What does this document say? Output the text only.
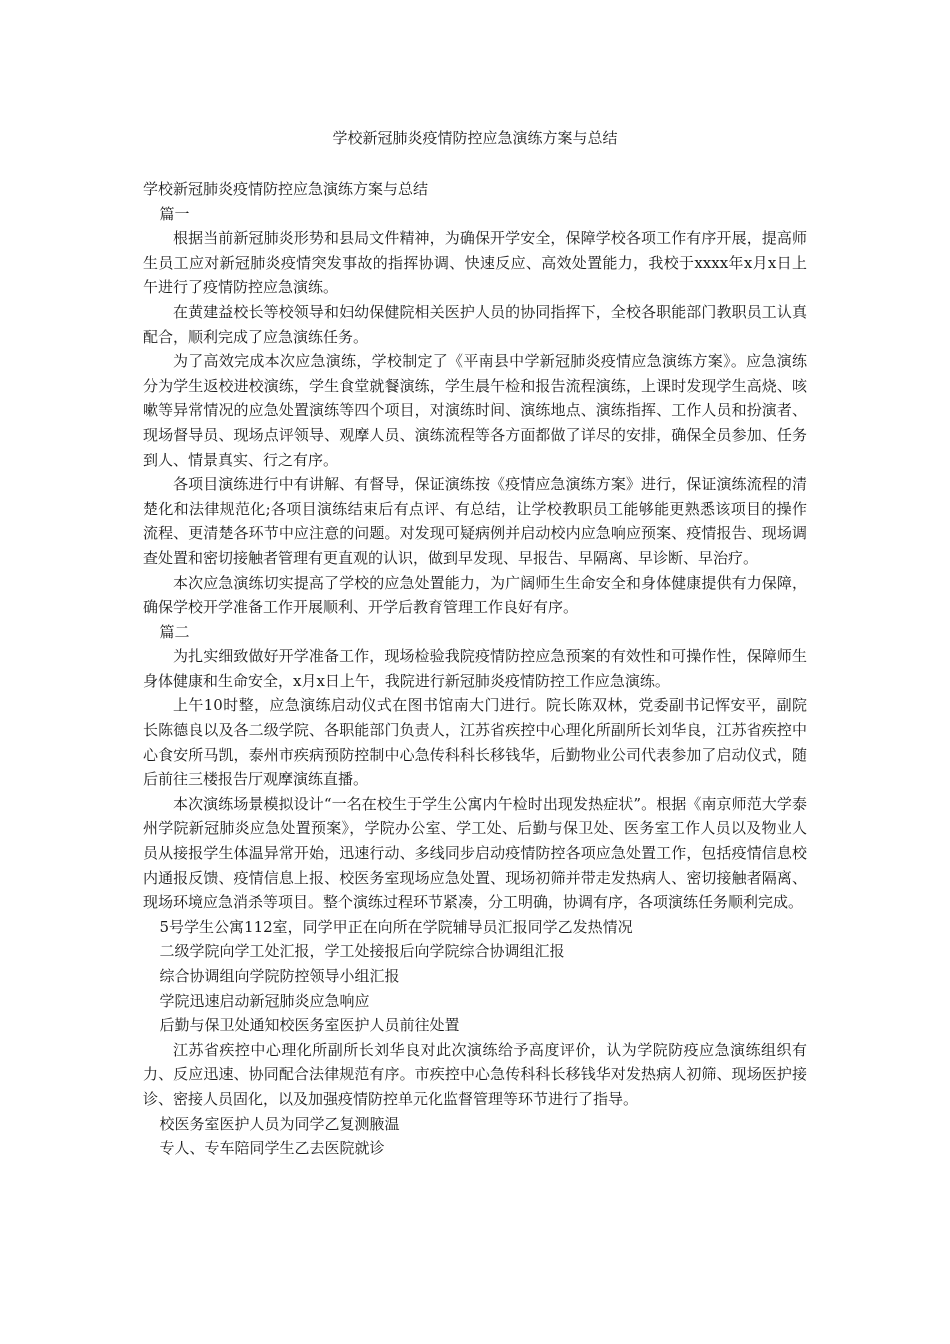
学校新冠肺炎疫情防控应急演练方案与总结

学校新冠肺炎疫情防控应急演练方案与总结

篇一

根据当前新冠肺炎形势和县局文件精神，为确保开学安全，保障学校各项工作有序开展，提高师生员工应对新冠肺炎疫情突发事故的指挥协调、快速反应、高效处置能力，我校于xxxx年x月x日上午进行了疫情防控应急演练。

在黄建益校长等校领导和妇幼保健院相关医护人员的协同指挥下，全校各职能部门教职员工认真配合，顺利完成了应急演练任务。

为了高效完成本次应急演练，学校制定了《平南县中学新冠肺炎疫情应急演练方案》。应急演练分为学生返校进校演练，学生食堂就餐演练，学生晨午检和报告流程演练，上课时发现学生高烧、咳嗽等异常情况的应急处置演练等四个项目，对演练时间、演练地点、演练指挥、工作人员和扮演者、现场督导员、现场点评领导、观摩人员、演练流程等各方面都做了详尽的安排，确保全员参加、任务到人、情景真实、行之有序。

各项目演练进行中有讲解、有督导，保证演练按《疫情应急演练方案》进行，保证演练流程的清楚化和法律规范化;各项目演练结束后有点评、有总结，让学校教职员工能够能更熟悉该项目的操作流程、更清楚各环节中应注意的问题。对发现可疑病例并启动校内应急响应预案、疫情报告、现场调查处置和密切接触者管理有更直观的认识，做到早发现、早报告、早隔离、早诊断、早治疗。

本次应急演练切实提高了学校的应急处置能力，为广阔师生生命安全和身体健康提供有力保障，确保学校开学准备工作开展顺利、开学后教育管理工作良好有序。

篇二

为扎实细致做好开学准备工作，现场检验我院疫情防控应急预案的有效性和可操作性，保障师生身体健康和生命安全，x月x日上午，我院进行新冠肺炎疫情防控工作应急演练。

上午10时整，应急演练启动仪式在图书馆南大门进行。院长陈双林，党委副书记恽安平，副院长陈德良以及各二级学院、各职能部门负责人，江苏省疾控中心理化所副所长刘华良，江苏省疾控中心食安所马凯，泰州市疾病预防控制中心急传科科长移钱华，后勤物业公司代表参加了启动仪式，随后前往三楼报告厅观摩演练直播。

本次演练场景模拟设计“一名在校生于学生公寓内午检时出现发热症状”。根据《南京师范大学泰州学院新冠肺炎应急处置预案》，学院办公室、学工处、后勤与保卫处、医务室工作人员以及物业人员从接报学生体温异常开始，迅速行动、多线同步启动疫情防控各项应急处置工作，包括疫情信息校内通报反馈、疫情信息上报、校医务室现场应急处置、现场初筛并带走发热病人、密切接触者隔离、现场环境应急消杀等项目。整个演练过程环节紧凑，分工明确，协调有序，各项演练任务顺利完成。

5号学生公寓112室，同学甲正在向所在学院辅导员汇报同学乙发热情况

二级学院向学工处汇报，学工处接报后向学院综合协调组汇报

综合协调组向学院防控领导小组汇报

学院迅速启动新冠肺炎应急响应

后勤与保卫处通知校医务室医护人员前往处置

江苏省疾控中心理化所副所长刘华良对此次演练给予高度评价，认为学院防疫应急演练组织有力、反应迅速、协同配合法律规范有序。市疾控中心急传科科长移钱华对发热病人初筛、现场医护接诊、密接人员固化，以及加强疫情防控单元化监督管理等环节进行了指导。

校医务室医护人员为同学乙复测腋温

专人、专车陪同学生乙去医院就诊
